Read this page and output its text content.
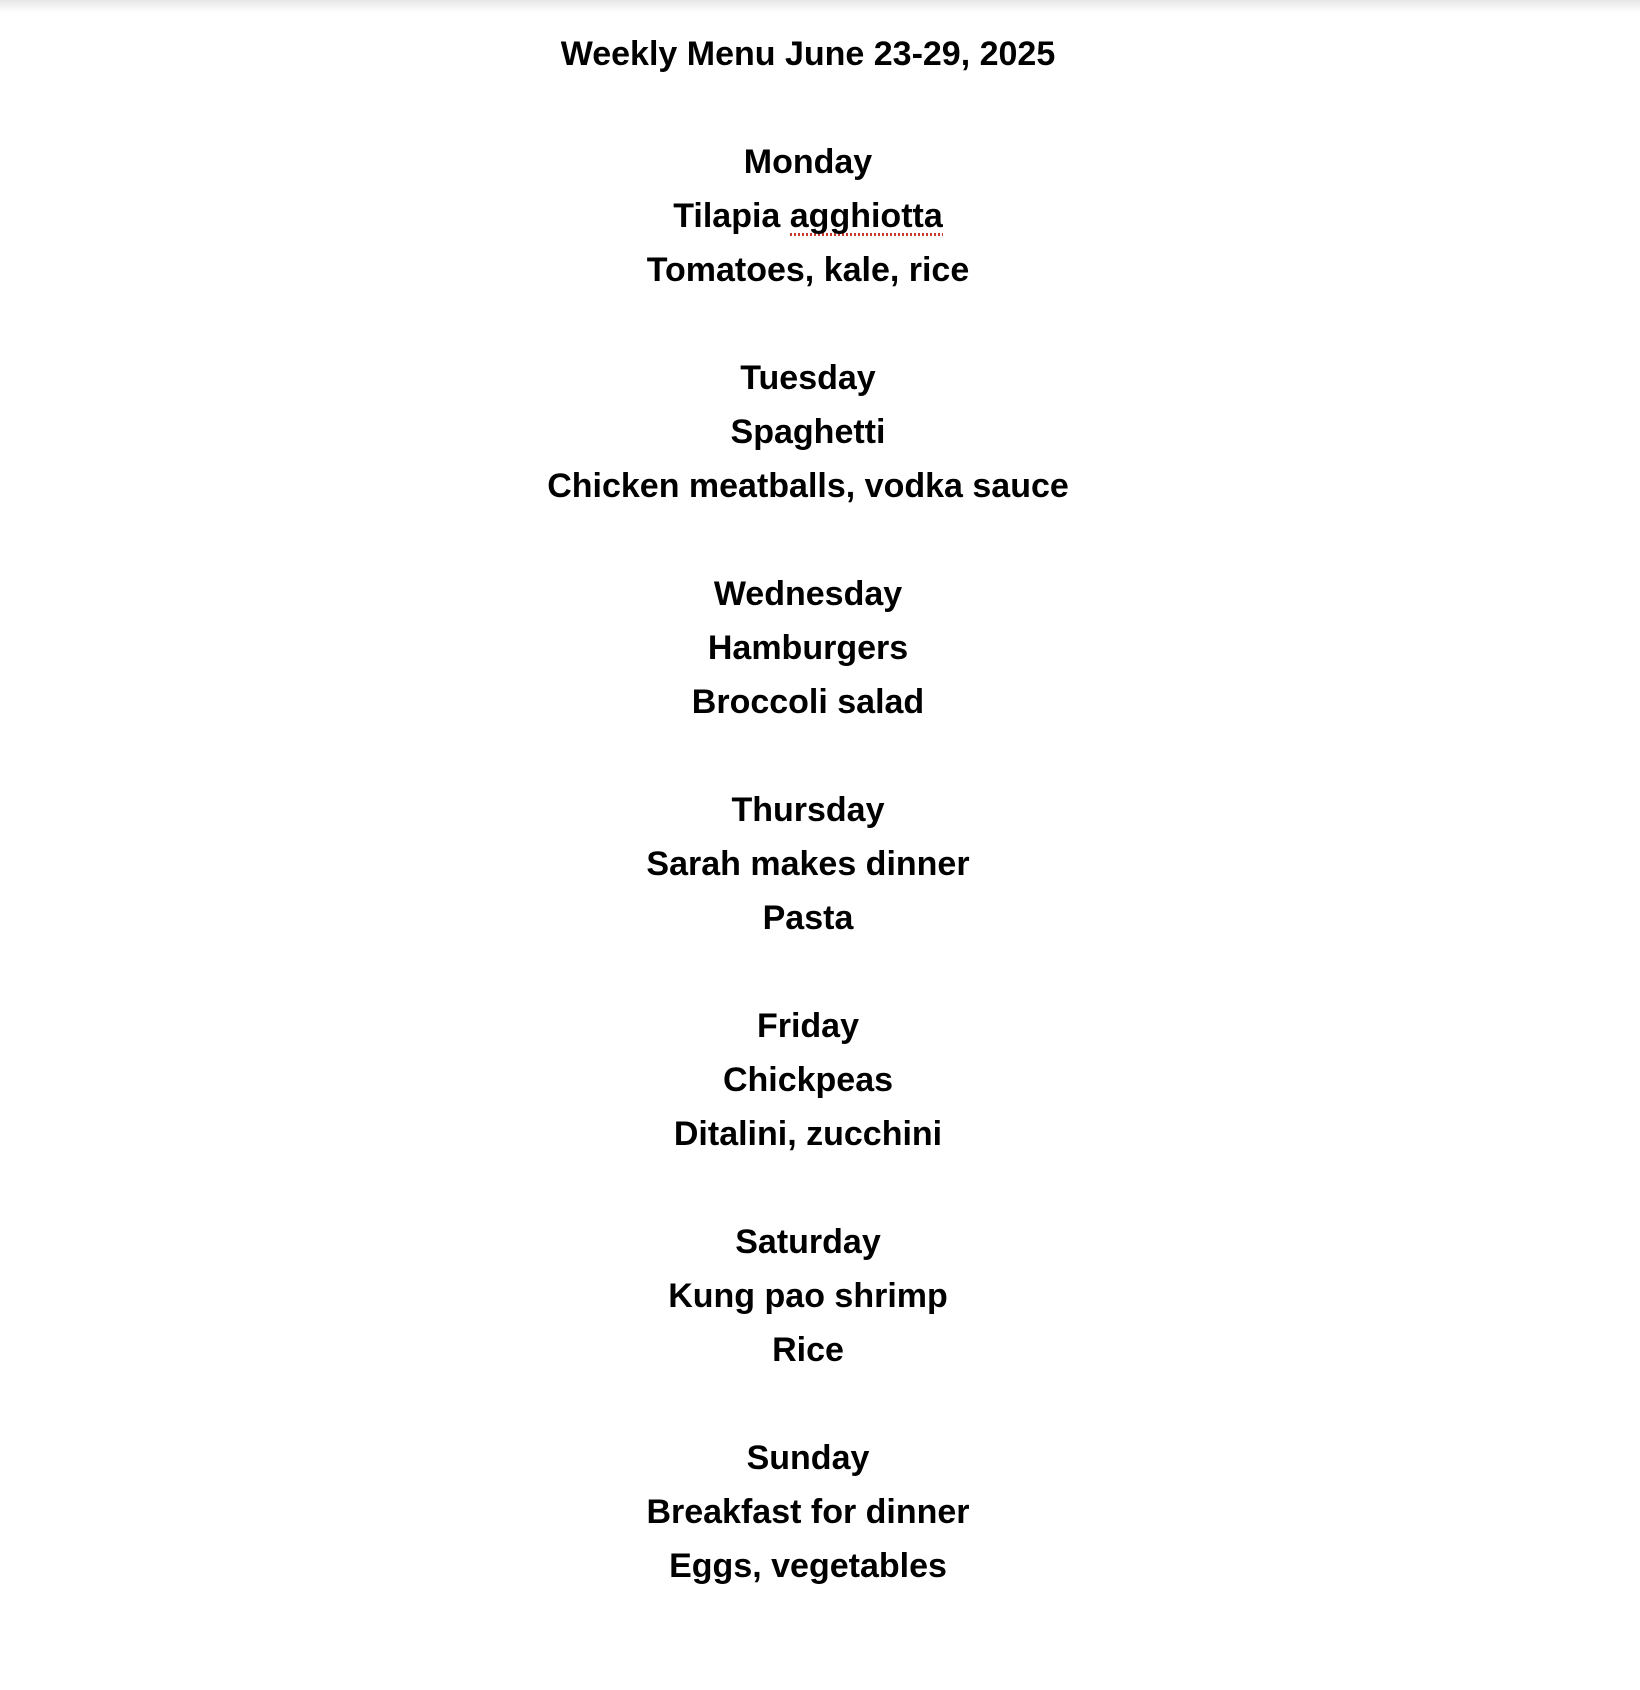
Weekly Menu June 23-29, 2025
Monday
Tilapia agghiotta
Tomatoes, kale, rice
Tuesday
Spaghetti
Chicken meatballs, vodka sauce
Wednesday
Hamburgers
Broccoli salad
Thursday
Sarah makes dinner
Pasta
Friday
Chickpeas
Ditalini, zucchini
Saturday
Kung pao shrimp
Rice
Sunday
Breakfast for dinner
Eggs, vegetables
